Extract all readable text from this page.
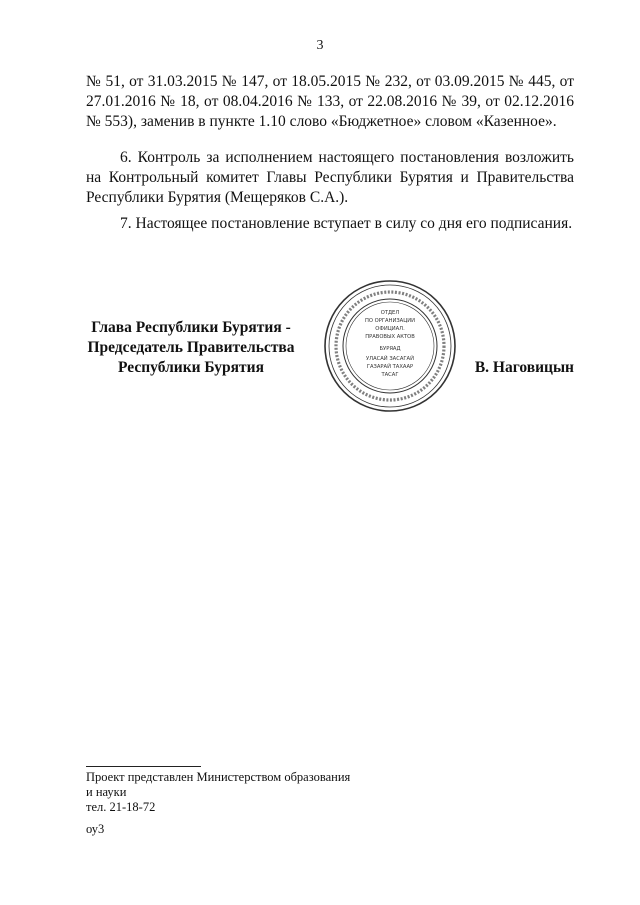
3
№ 51, от 31.03.2015 № 147, от 18.05.2015 № 232, от 03.09.2015 № 445, от 27.01.2016 № 18, от 08.04.2016 № 133, от 22.08.2016 № 39, от 02.12.2016 № 553), заменив в пункте 1.10 слово «Бюджетное» словом «Казенное».
6. Контроль за исполнением настоящего постановления возложить на Контрольный комитет Главы Республики Бурятия и Правительства Республики Бурятия (Мещеряков С.А.).
7. Настоящее постановление вступает в силу со дня его подписания.
Глава Республики Бурятия -
Председатель Правительства
Республики Бурятия
ОТДЕЛ
ПО ОРГАНИЗАЦИИ
ОФИЦИАЛ.
ПРАВОВЫХ АКТОВ
БУРЯАД
УЛАСАЙ ЗАСАГАЙ
ГАЗАРАЙ ТАХААР
ТАСАГ	В. Наговицын
Проект представлен Министерством образования
и науки
тел. 21-18-72
оу3
